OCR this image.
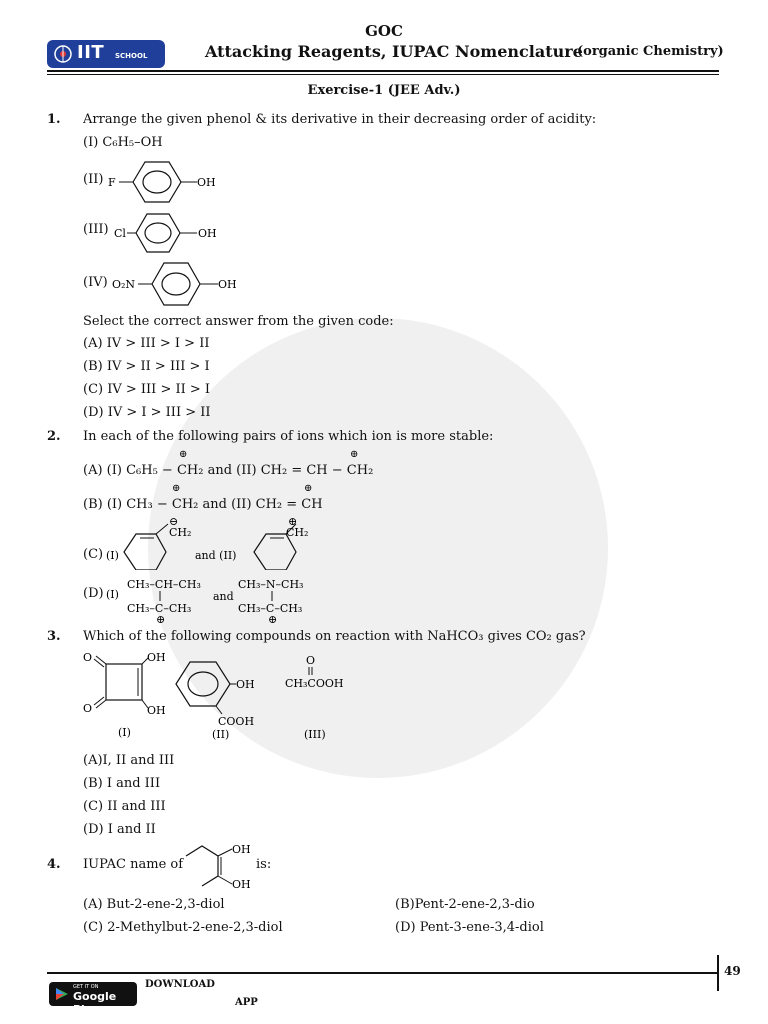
IIT SCHOOL
GOC
Attacking Reagents, IUPAC Nomenclature
(organic Chemistry)
Exercise-1 (JEE Adv.)
1. Arrange the given phenol & its derivative in their decreasing order of acidity:
(I) C₆H₅–OH
(II) F	OH
(III) Cl	OH
(IV) O₂N	OH
Select the correct answer from the given code:
(A) IV > III > I > II
(B) IV > II > III > I
(C) IV > III > II > I
(D) IV > I > III > II
2. In each of the following pairs of ions which ion is more stable:
⊕	⊕
(A) (I) C₆H₅ − CH₂ and (II) CH₂ = CH − CH₂
⊕	⊕
(B) (I) CH₃ − CH₂ and (II) CH₂ = CH
(C) (I)
CH₂
⊖
and (II)
CH₂
⊕
(D) (I)
CH₃–CH–CH₃
CH₃–C–CH₃
⊕
and
CH₃–N–CH₃
CH₃–C–CH₃
⊕
3. Which of the following compounds on reaction with NaHCO₃ gives CO₂ gas?
O
O
OH
OH
(I)
OH
COOH
(II)
O
CH₃COOH
(III)
(A)I, II and III
(B) I and III
(C) II and III
(D) I and II
4. IUPAC name of
OH
OH
is:
(A) But-2-ene-2,3-diol	(B)Pent-2-ene-2,3-dio
(C) 2-Methylbut-2-ene-2,3-diol	(D) Pent-3-ene-3,4-diol
49
GET IT ON
Google Play
DOWNLOAD
APP
